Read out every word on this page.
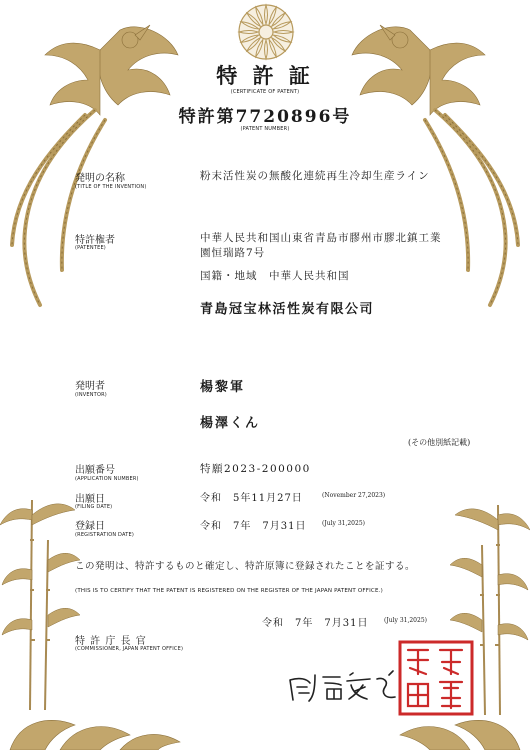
特 許 証
(CERTIFICATE OF PATENT)
特許第7720896号
(PATENT NUMBER)
発明の名称
(TITLE OF THE INVENTION)
粉末活性炭の無酸化連続再生冷却生産ライン
特許権者
(PATENTEE)
中華人民共和国山東省青島市膠州市膠北鎮工業
園恒瑞路7号
国籍・地域　中華人民共和国
青島冠宝林活性炭有限公司
発明者
(INVENTOR)	楊黎軍
楊澤くん
(その他別紙記載)
出願番号
(APPLICATION NUMBER)
特願2023-200000
出願日
(FILING DATE)
令和　5年11月27日	(November 27,2023)
登録日
(REGISTRATION DATE)
令和　7年　7月31日	(July 31,2025)
この発明は、特許するものと確定し、特許原簿に登録されたことを証する。
(THIS IS TO CERTIFY THAT THE PATENT IS REGISTERED ON THE REGISTER OF THE JAPAN PATENT OFFICE.)
令和　7年　7月31日	(July 31,2025)
特 許 庁 長 官
(COMMISSIONER, JAPAN PATENT OFFICE)
